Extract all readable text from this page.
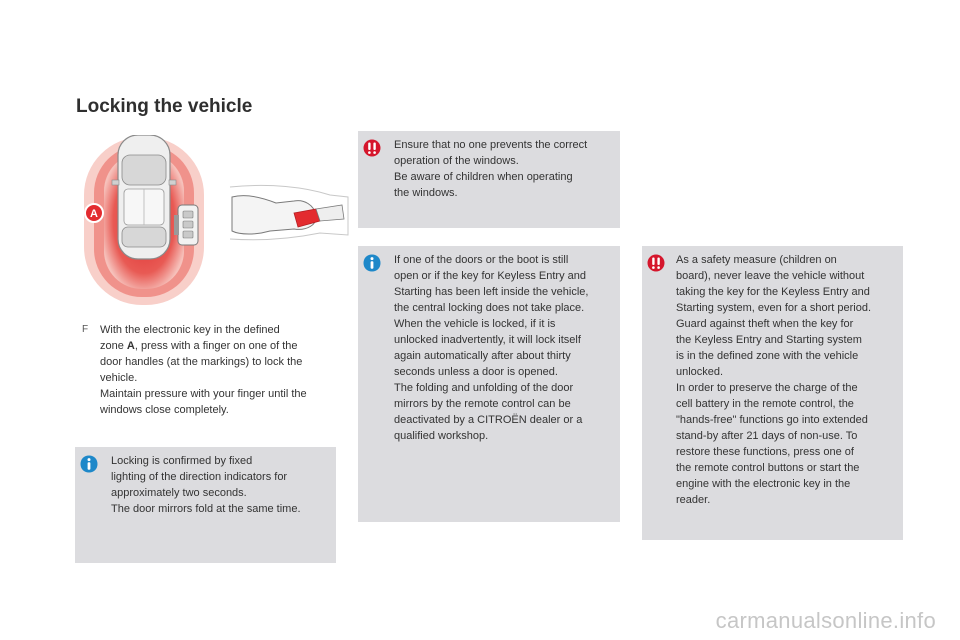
Locking the vehicle
A
F With the electronic key in the defined
zone A, press with a finger on one of the
door handles (at the markings) to lock the
vehicle.
Maintain pressure with your finger until the
windows close completely.

Ensure that no one prevents the correct

operation of the windows.

Be aware of children when operating

the windows.

If one of the doors or the boot is still

open or if the key for Keyless Entry and

Starting has been left inside the vehicle,

the central locking does not take place.

When the vehicle is locked, if it is

unlocked inadvertently, it will lock itself

again automatically after about thirty

seconds unless a door is opened.

The folding and unfolding of the door

mirrors by the remote control can be

deactivated by a CITROËN dealer or a

qualified workshop.

As a safety measure (children on

board), never leave the vehicle without

taking the key for the Keyless Entry and

Starting system, even for a short period.

Guard against theft when the key for

the Keyless Entry and Starting system

is in the defined zone with the vehicle

unlocked.

In order to preserve the charge of the

cell battery in the remote control, the

"hands-free" functions go into extended

stand-by after 21 days of non-use. To

restore these functions, press one of

the remote control buttons or start the

engine with the electronic key in the

reader.

Locking is confirmed by fixed

lighting of the direction indicators for

approximately two seconds.

The door mirrors fold at the same time.

carmanualsonline.info
